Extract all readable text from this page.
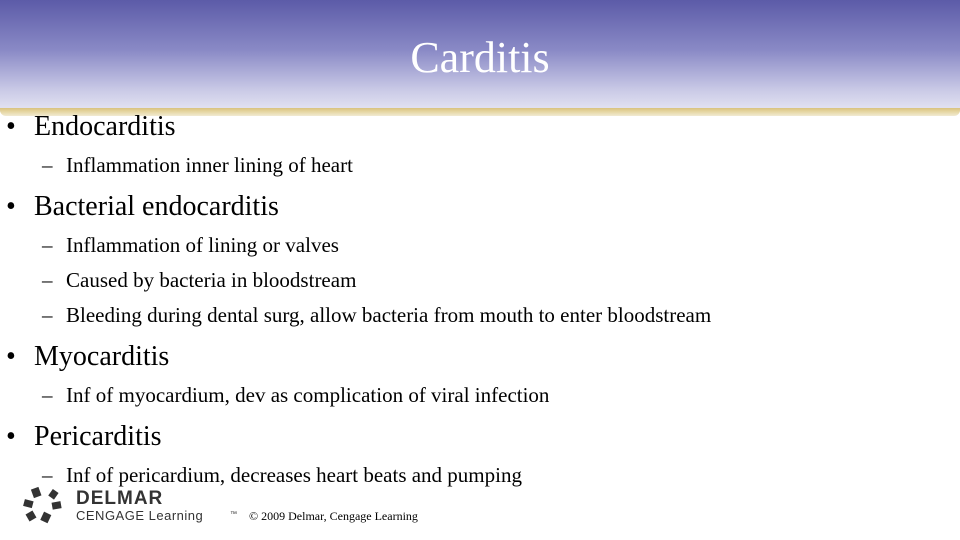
Carditis
• Endocarditis
– Inflammation inner lining of heart
• Bacterial endocarditis
– Inflammation of lining or valves
– Caused by bacteria in bloodstream
– Bleeding during dental surg, allow bacteria from mouth to enter bloodstream
• Myocarditis
– Inf of myocardium, dev as complication of viral infection
• Pericarditis
– Inf of pericardium, decreases heart beats and pumping
DELMAR
CENGAGE Learning	™ © 2009 Delmar, Cengage Learning
